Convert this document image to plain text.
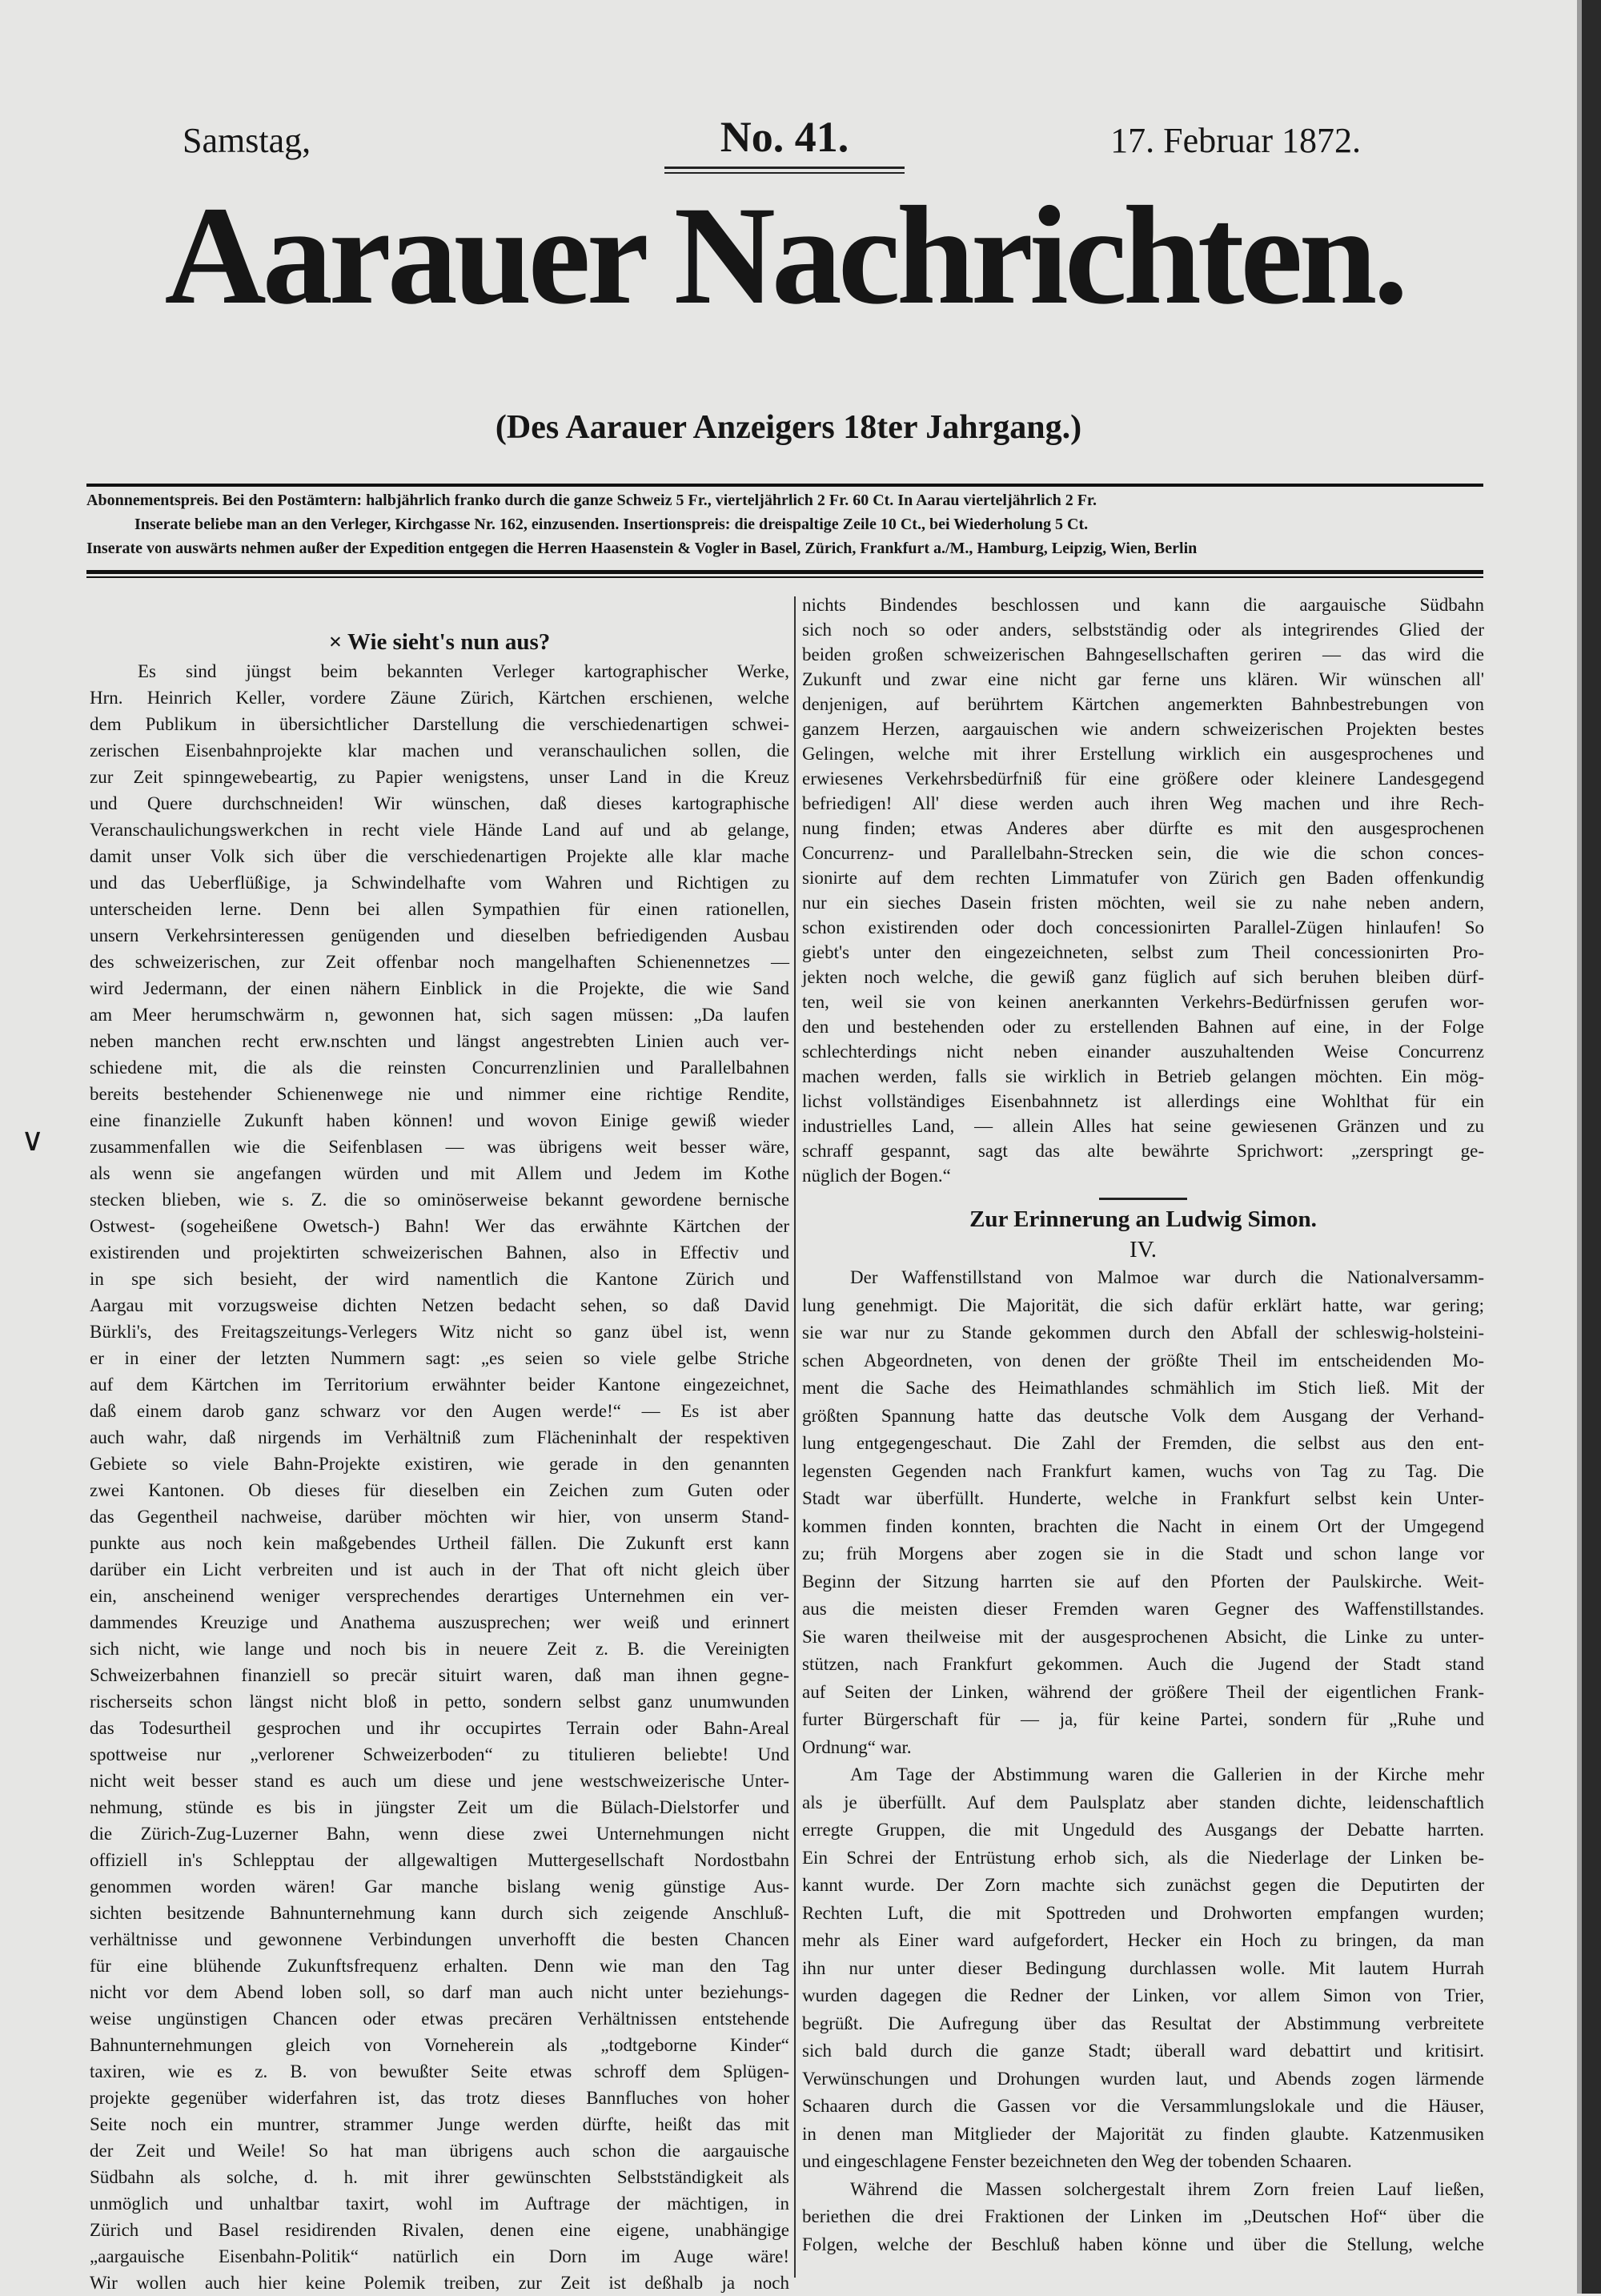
Samstag,	No. 41.	17. Februar 1872.
Aarauer Nachrichten.
(Des Aarauer Anzeigers 18ter Jahrgang.)
Abonnementspreis. Bei den Postämtern: halbjährlich franko durch die ganze Schweiz 5 Fr., vierteljährlich 2 Fr. 60 Ct. In Aarau vierteljährlich 2 Fr.
Inserate beliebe man an den Verleger, Kirchgasse Nr. 162, einzusenden. Insertionspreis: die dreispaltige Zeile 10 Ct., bei Wiederholung 5 Ct.
Inserate von auswärts nehmen außer der Expedition entgegen die Herren Haasenstein & Vogler in Basel, Zürich, Frankfurt a./M., Hamburg, Leipzig, Wien, Berlin
∨
× Wie sieht's nun aus?
Es sind jüngst beim bekannten Verleger kartographischer Werke,
Hrn. Heinrich Keller, vordere Zäune Zürich, Kärtchen erschienen, welche
dem Publikum in übersichtlicher Darstellung die verschiedenartigen schwei-
zerischen Eisenbahnprojekte klar machen und veranschaulichen sollen, die
zur Zeit spinngewebeartig, zu Papier wenigstens, unser Land in die Kreuz
und Quere durchschneiden! Wir wünschen, daß dieses kartographische
Veranschaulichungswerkchen in recht viele Hände Land auf und ab gelange,
damit unser Volk sich über die verschiedenartigen Projekte alle klar mache
und das Ueberflüßige, ja Schwindelhafte vom Wahren und Richtigen zu
unterscheiden lerne. Denn bei allen Sympathien für einen rationellen,
unsern Verkehrsinteressen genügenden und dieselben befriedigenden Ausbau
des schweizerischen, zur Zeit offenbar noch mangelhaften Schienennetzes —
wird Jedermann, der einen nähern Einblick in die Projekte, die wie Sand
am Meer herumschwärm n, gewonnen hat, sich sagen müssen: „Da laufen
neben manchen recht erw.nschten und längst angestrebten Linien auch ver-
schiedene mit, die als die reinsten Concurrenzlinien und Parallelbahnen
bereits bestehender Schienenwege nie und nimmer eine richtige Rendite,
eine finanzielle Zukunft haben können! und wovon Einige gewiß wieder
zusammenfallen wie die Seifenblasen — was übrigens weit besser wäre,
als wenn sie angefangen würden und mit Allem und Jedem im Kothe
stecken blieben, wie s. Z. die so ominöserweise bekannt gewordene bernische
Ostwest- (sogeheißene Owetsch-) Bahn! Wer das erwähnte Kärtchen der
existirenden und projektirten schweizerischen Bahnen, also in Effectiv und
in spe sich besieht, der wird namentlich die Kantone Zürich und
Aargau mit vorzugsweise dichten Netzen bedacht sehen, so daß David
Bürkli's, des Freitagszeitungs-Verlegers Witz nicht so ganz übel ist, wenn
er in einer der letzten Nummern sagt: „es seien so viele gelbe Striche
auf dem Kärtchen im Territorium erwähnter beider Kantone eingezeichnet,
daß einem darob ganz schwarz vor den Augen werde!“ — Es ist aber
auch wahr, daß nirgends im Verhältniß zum Flächeninhalt der respektiven
Gebiete so viele Bahn-Projekte existiren, wie gerade in den genannten
zwei Kantonen. Ob dieses für dieselben ein Zeichen zum Guten oder
das Gegentheil nachweise, darüber möchten wir hier, von unserm Stand-
punkte aus noch kein maßgebendes Urtheil fällen. Die Zukunft erst kann
darüber ein Licht verbreiten und ist auch in der That oft nicht gleich über
ein, anscheinend weniger versprechendes derartiges Unternehmen ein ver-
dammendes Kreuzige und Anathema auszusprechen; wer weiß und erinnert
sich nicht, wie lange und noch bis in neuere Zeit z. B. die Vereinigten
Schweizerbahnen finanziell so precär situirt waren, daß man ihnen gegne-
rischerseits schon längst nicht bloß in petto, sondern selbst ganz unumwunden
das Todesurtheil gesprochen und ihr occupirtes Terrain oder Bahn-Areal
spottweise nur „verlorener Schweizerboden“ zu titulieren beliebte! Und
nicht weit besser stand es auch um diese und jene westschweizerische Unter-
nehmung, stünde es bis in jüngster Zeit um die Bülach-Dielstorfer und
die Zürich-Zug-Luzerner Bahn, wenn diese zwei Unternehmungen nicht
offiziell in's Schlepptau der allgewaltigen Muttergesellschaft Nordostbahn
genommen worden wären! Gar manche bislang wenig günstige Aus-
sichten besitzende Bahnunternehmung kann durch sich zeigende Anschluß-
verhältnisse und gewonnene Verbindungen unverhofft die besten Chancen
für eine blühende Zukunftsfrequenz erhalten. Denn wie man den Tag
nicht vor dem Abend loben soll, so darf man auch nicht unter beziehungs-
weise ungünstigen Chancen oder etwas precären Verhältnissen entstehende
Bahnunternehmungen gleich von Vorneherein als „todtgeborne Kinder“
taxiren, wie es z. B. von bewußter Seite etwas schroff dem Splügen-
projekte gegenüber widerfahren ist, das trotz dieses Bannfluches von hoher
Seite noch ein muntrer, strammer Junge werden dürfte, heißt das mit
der Zeit und Weile! So hat man übrigens auch schon die aargauische
Südbahn als solche, d. h. mit ihrer gewünschten Selbstständigkeit als
unmöglich und unhaltbar taxirt, wohl im Auftrage der mächtigen, in
Zürich und Basel residirenden Rivalen, denen eine eigene, unabhängige
„aargauische Eisenbahn-Politik“ natürlich ein Dorn im Auge wäre!
Wir wollen auch hier keine Polemik treiben, zur Zeit ist deßhalb ja noch
nichts Bindendes beschlossen und kann die aargauische Südbahn
sich noch so oder anders, selbstständig oder als integrirendes Glied der
beiden großen schweizerischen Bahngesellschaften geriren — das wird die
Zukunft und zwar eine nicht gar ferne uns klären. Wir wünschen all'
denjenigen, auf berührtem Kärtchen angemerkten Bahnbestrebungen von
ganzem Herzen, aargauischen wie andern schweizerischen Projekten bestes
Gelingen, welche mit ihrer Erstellung wirklich ein ausgesprochenes und
erwiesenes Verkehrsbedürfniß für eine größere oder kleinere Landesgegend
befriedigen! All' diese werden auch ihren Weg machen und ihre Rech-
nung finden; etwas Anderes aber dürfte es mit den ausgesprochenen
Concurrenz- und Parallelbahn-Strecken sein, die wie die schon conces-
sionirte auf dem rechten Limmatufer von Zürich gen Baden offenkundig
nur ein sieches Dasein fristen möchten, weil sie zu nahe neben andern,
schon existirenden oder doch concessionirten Parallel-Zügen hinlaufen! So
giebt's unter den eingezeichneten, selbst zum Theil concessionirten Pro-
jekten noch welche, die gewiß ganz füglich auf sich beruhen bleiben dürf-
ten, weil sie von keinen anerkannten Verkehrs-Bedürfnissen gerufen wor-
den und bestehenden oder zu erstellenden Bahnen auf eine, in der Folge
schlechterdings nicht neben einander auszuhaltenden Weise Concurrenz
machen werden, falls sie wirklich in Betrieb gelangen möchten. Ein mög-
lichst vollständiges Eisenbahnnetz ist allerdings eine Wohlthat für ein
industrielles Land, — allein Alles hat seine gewiesenen Gränzen und zu
schraff gespannt, sagt das alte bewährte Sprichwort: „zerspringt ge-
nüglich der Bogen.“
Zur Erinnerung an Ludwig Simon.
IV.
Der Waffenstillstand von Malmoe war durch die Nationalversamm-
lung genehmigt. Die Majorität, die sich dafür erklärt hatte, war gering;
sie war nur zu Stande gekommen durch den Abfall der schleswig-holsteini-
schen Abgeordneten, von denen der größte Theil im entscheidenden Mo-
ment die Sache des Heimathlandes schmählich im Stich ließ. Mit der
größten Spannung hatte das deutsche Volk dem Ausgang der Verhand-
lung entgegengeschaut. Die Zahl der Fremden, die selbst aus den ent-
legensten Gegenden nach Frankfurt kamen, wuchs von Tag zu Tag. Die
Stadt war überfüllt. Hunderte, welche in Frankfurt selbst kein Unter-
kommen finden konnten, brachten die Nacht in einem Ort der Umgegend
zu; früh Morgens aber zogen sie in die Stadt und schon lange vor
Beginn der Sitzung harrten sie auf den Pforten der Paulskirche. Weit-
aus die meisten dieser Fremden waren Gegner des Waffenstillstandes.
Sie waren theilweise mit der ausgesprochenen Absicht, die Linke zu unter-
stützen, nach Frankfurt gekommen. Auch die Jugend der Stadt stand
auf Seiten der Linken, während der größere Theil der eigentlichen Frank-
furter Bürgerschaft für — ja, für keine Partei, sondern für „Ruhe und
Ordnung“ war.
Am Tage der Abstimmung waren die Gallerien in der Kirche mehr
als je überfüllt. Auf dem Paulsplatz aber standen dichte, leidenschaftlich
erregte Gruppen, die mit Ungeduld des Ausgangs der Debatte harrten.
Ein Schrei der Entrüstung erhob sich, als die Niederlage der Linken be-
kannt wurde. Der Zorn machte sich zunächst gegen die Deputirten der
Rechten Luft, die mit Spottreden und Drohworten empfangen wurden;
mehr als Einer ward aufgefordert, Hecker ein Hoch zu bringen, da man
ihn nur unter dieser Bedingung durchlassen wolle. Mit lautem Hurrah
wurden dagegen die Redner der Linken, vor allem Simon von Trier,
begrüßt. Die Aufregung über das Resultat der Abstimmung verbreitete
sich bald durch die ganze Stadt; überall ward debattirt und kritisirt.
Verwünschungen und Drohungen wurden laut, und Abends zogen lärmende
Schaaren durch die Gassen vor die Versammlungslokale und die Häuser,
in denen man Mitglieder der Majorität zu finden glaubte. Katzenmusiken
und eingeschlagene Fenster bezeichneten den Weg der tobenden Schaaren.
Während die Massen solchergestalt ihrem Zorn freien Lauf ließen,
beriethen die drei Fraktionen der Linken im „Deutschen Hof“ über die
Folgen, welche der Beschluß haben könne und über die Stellung, welche
